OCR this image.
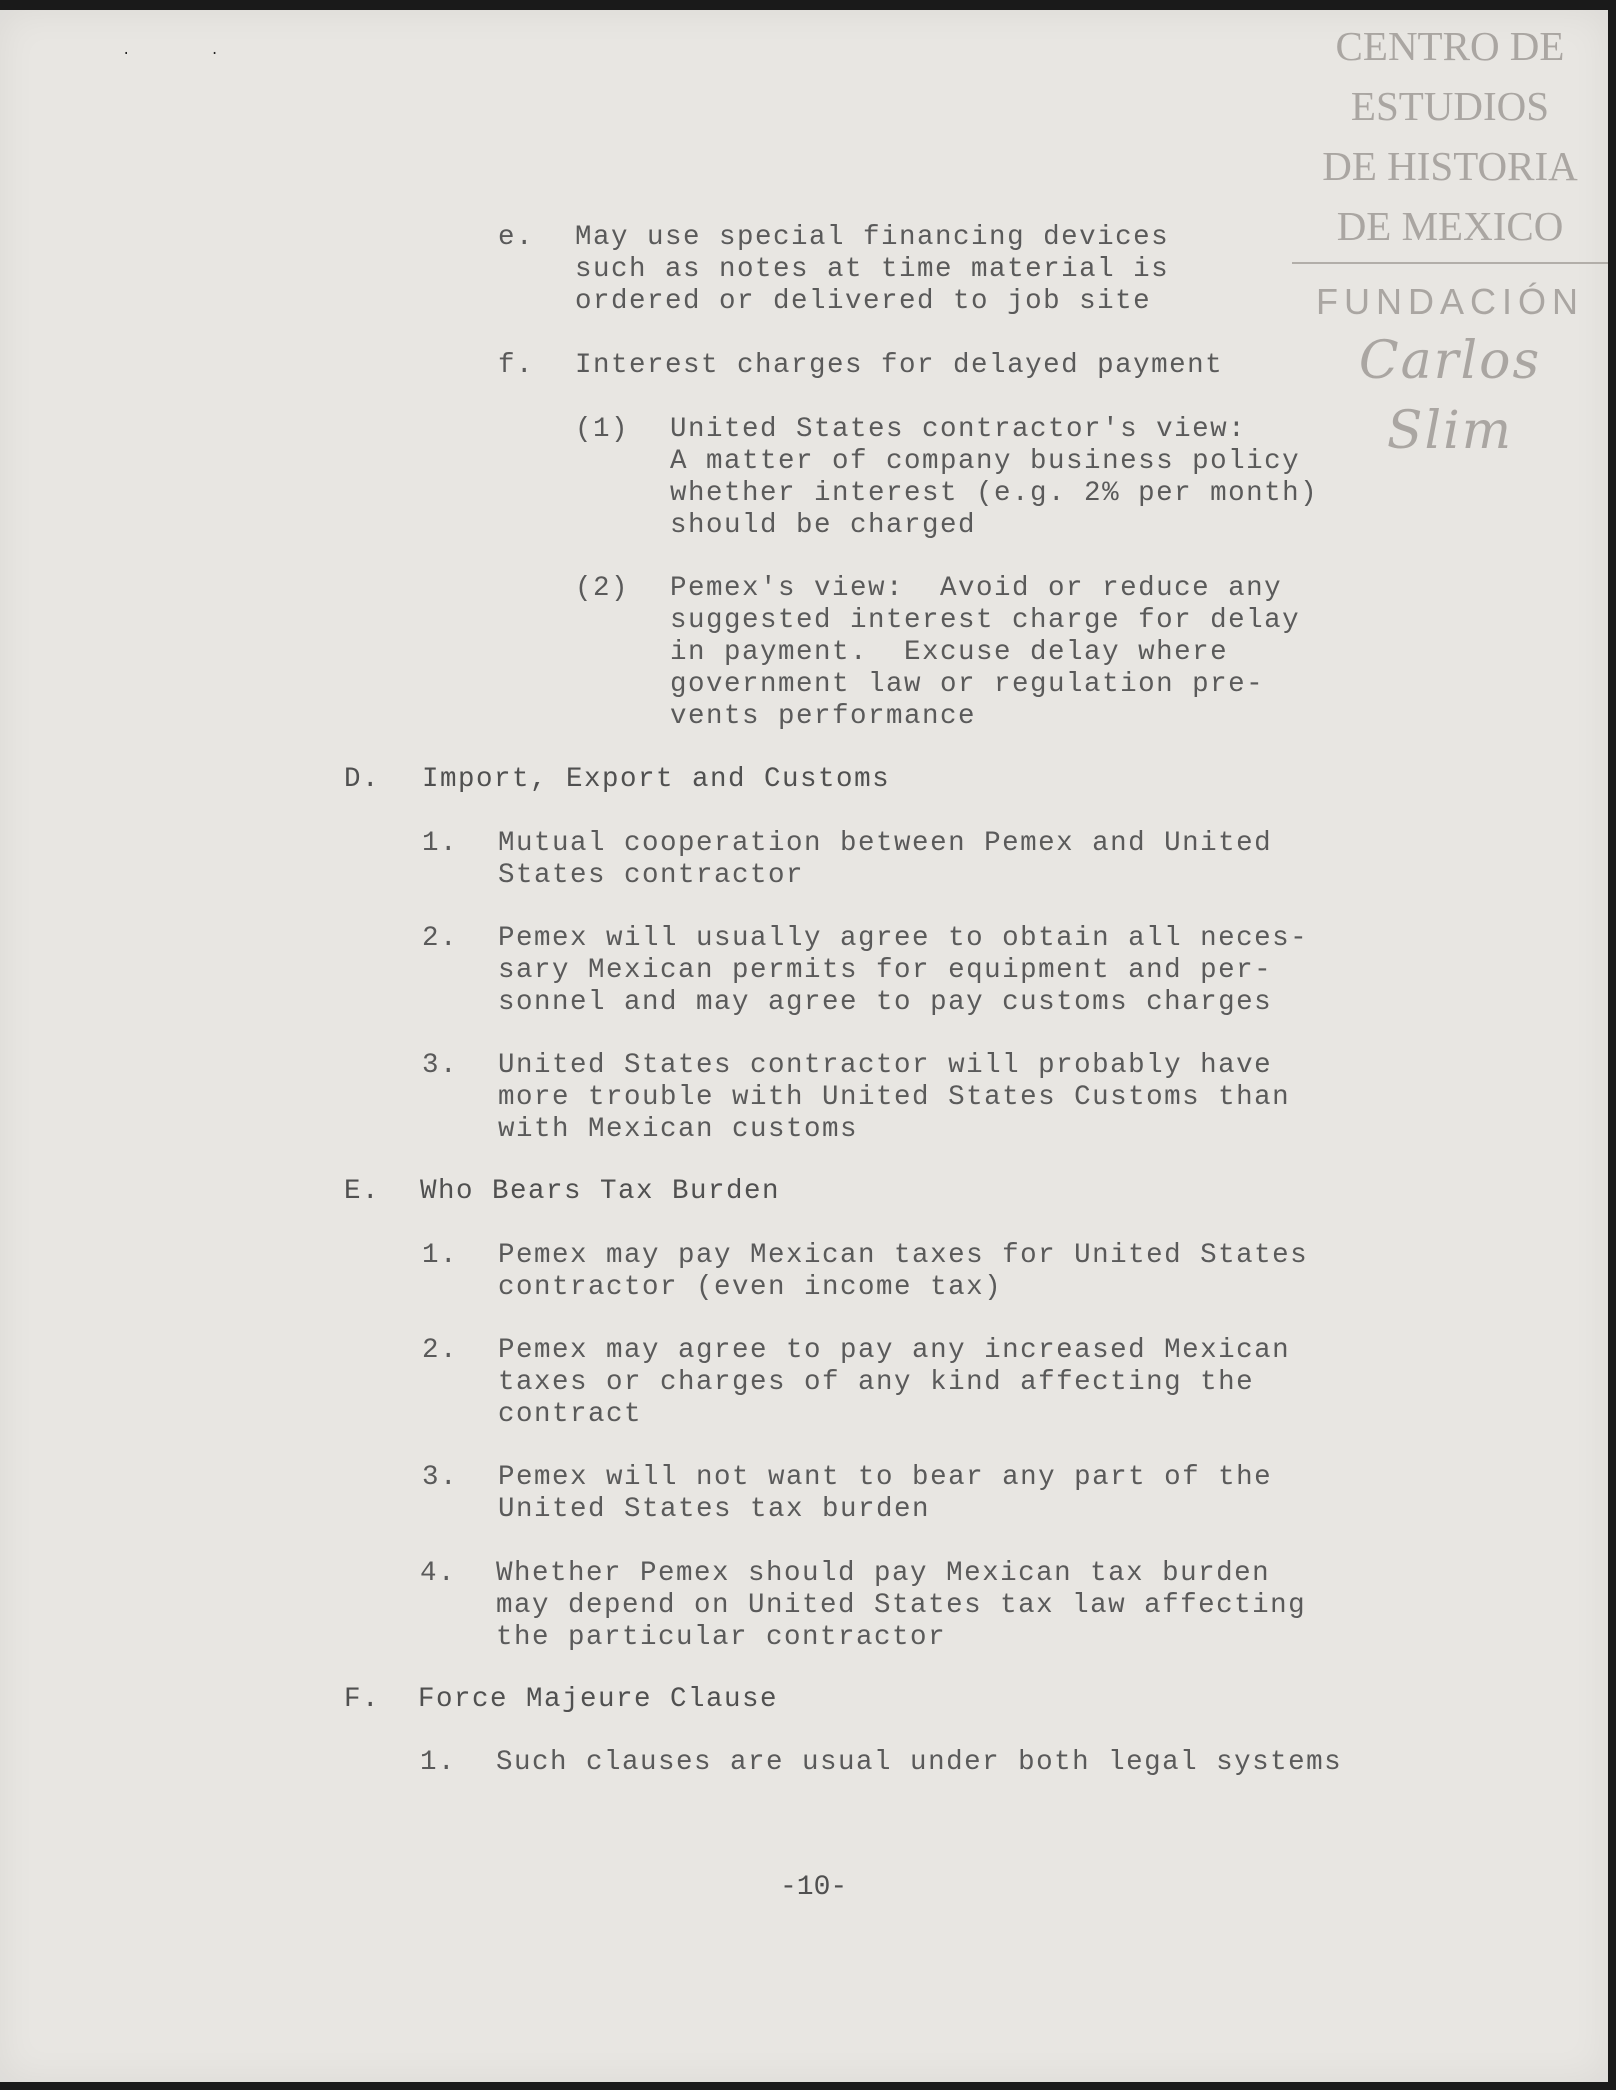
··	CENTRO DE
ESTUDIOS
DE HISTORIA
DE MEXICO
FUNDACIÓN
Carlos Slim
e. May use special financing devices
such as notes at time material is
ordered or delivered to job site
f. Interest charges for delayed payment
(1) United States contractor's view:
A matter of company business policy
whether interest (e.g. 2% per month)
should be charged
(2) Pemex's view:  Avoid or reduce any
suggested interest charge for delay
in payment.  Excuse delay where
government law or regulation pre-
vents performance
D. Import, Export and Customs
1. Mutual cooperation between Pemex and United
States contractor
2. Pemex will usually agree to obtain all neces-
sary Mexican permits for equipment and per-
sonnel and may agree to pay customs charges
3. United States contractor will probably have
more trouble with United States Customs than
with Mexican customs
E. Who Bears Tax Burden
1. Pemex may pay Mexican taxes for United States
contractor (even income tax)
2. Pemex may agree to pay any increased Mexican
taxes or charges of any kind affecting the
contract
3. Pemex will not want to bear any part of the
United States tax burden
4. Whether Pemex should pay Mexican tax burden
may depend on United States tax law affecting
the particular contractor
F. Force Majeure Clause
1. Such clauses are usual under both legal systems
-10-
